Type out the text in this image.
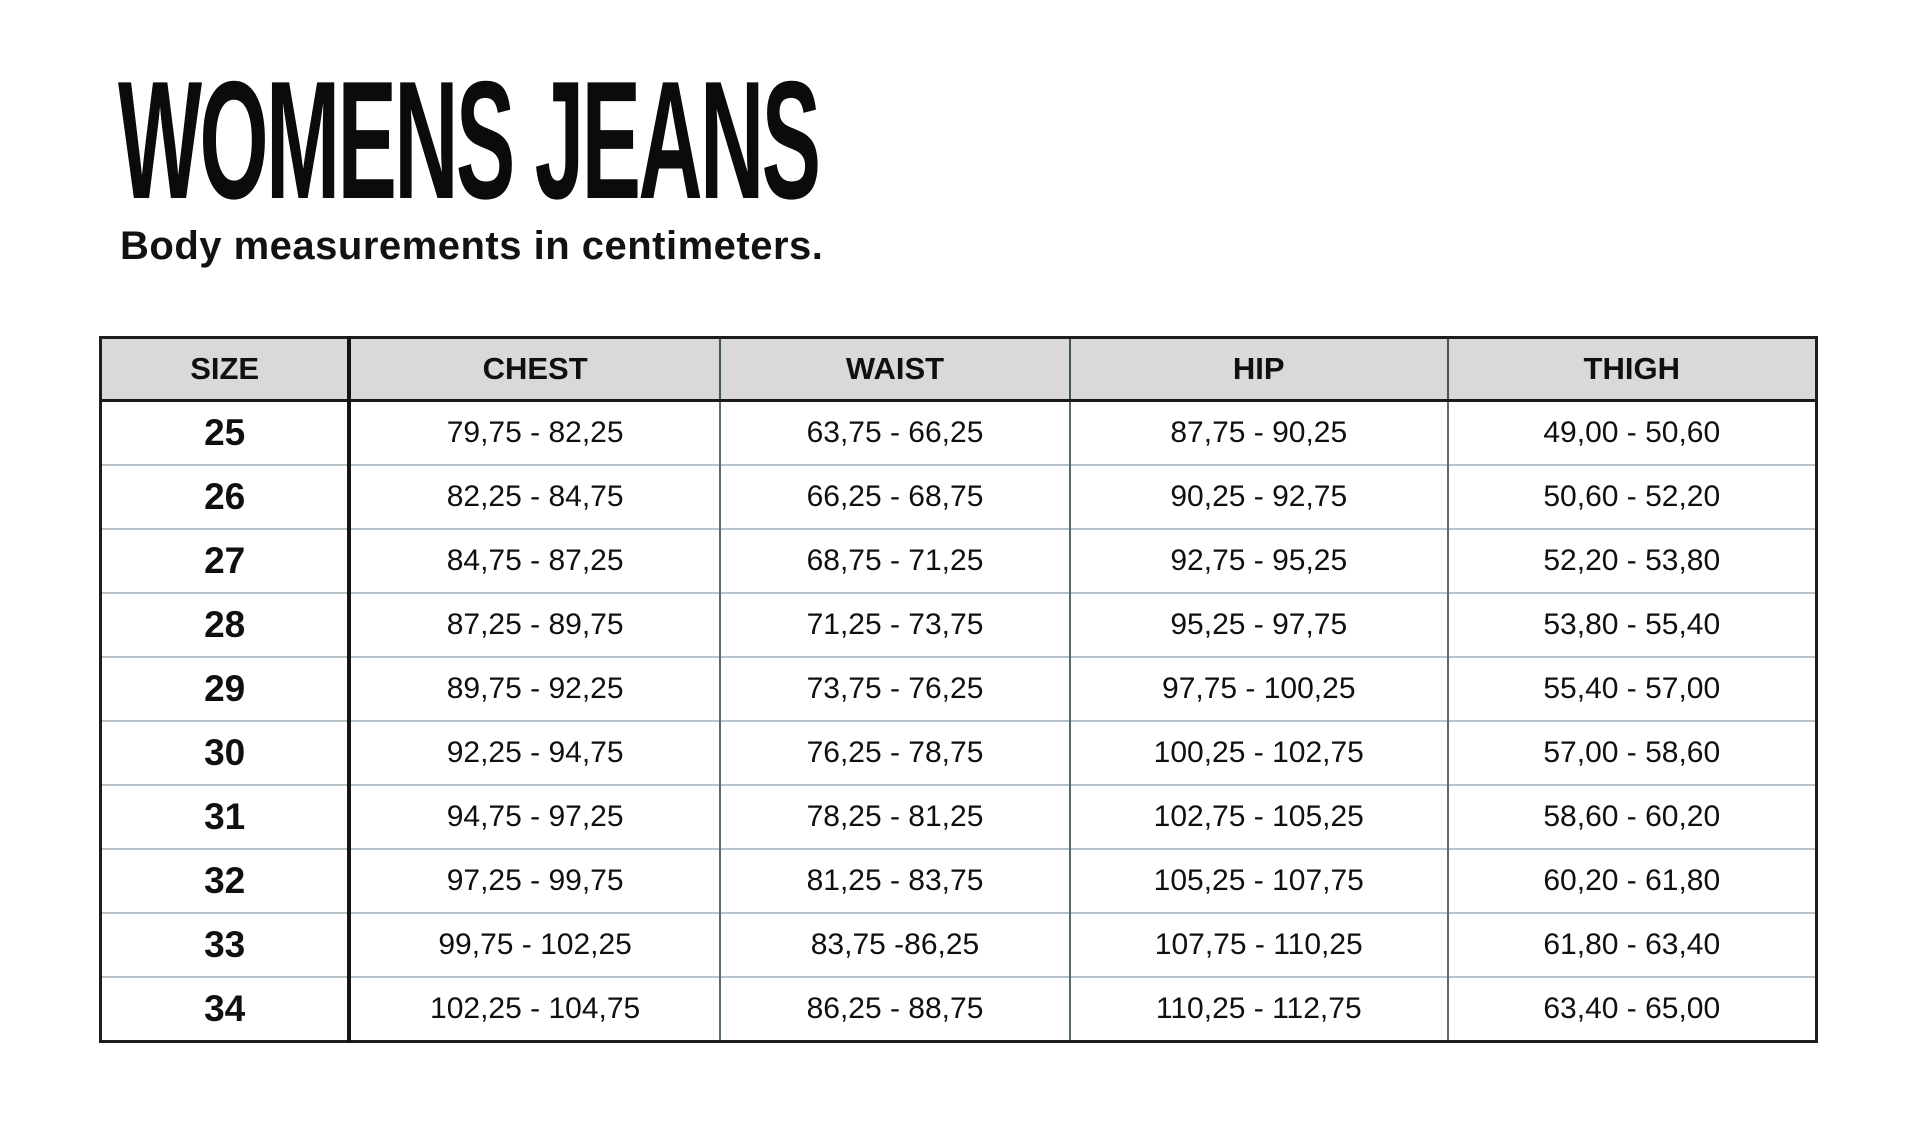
WOMENS JEANS
Body measurements in centimeters.
SIZE	CHEST	WAIST	HIP	THIGH
25	79,75 - 82,25	63,75 - 66,25	87,75 - 90,25	49,00 - 50,60
26	82,25 - 84,75	66,25 - 68,75	90,25 - 92,75	50,60 - 52,20
27	84,75 - 87,25	68,75 - 71,25	92,75 - 95,25	52,20 - 53,80
28	87,25 - 89,75	71,25 - 73,75	95,25 - 97,75	53,80 - 55,40
29	89,75 - 92,25	73,75 - 76,25	97,75 - 100,25	55,40 - 57,00
30	92,25 - 94,75	76,25 - 78,75	100,25 - 102,75	57,00 - 58,60
31	94,75 - 97,25	78,25 - 81,25	102,75 - 105,25	58,60 - 60,20
32	97,25 - 99,75	81,25 - 83,75	105,25 - 107,75	60,20 - 61,80
33	99,75 - 102,25	83,75 -86,25	107,75 - 110,25	61,80 - 63,40
34	102,25 - 104,75	86,25 - 88,75	110,25 - 112,75	63,40 - 65,00
